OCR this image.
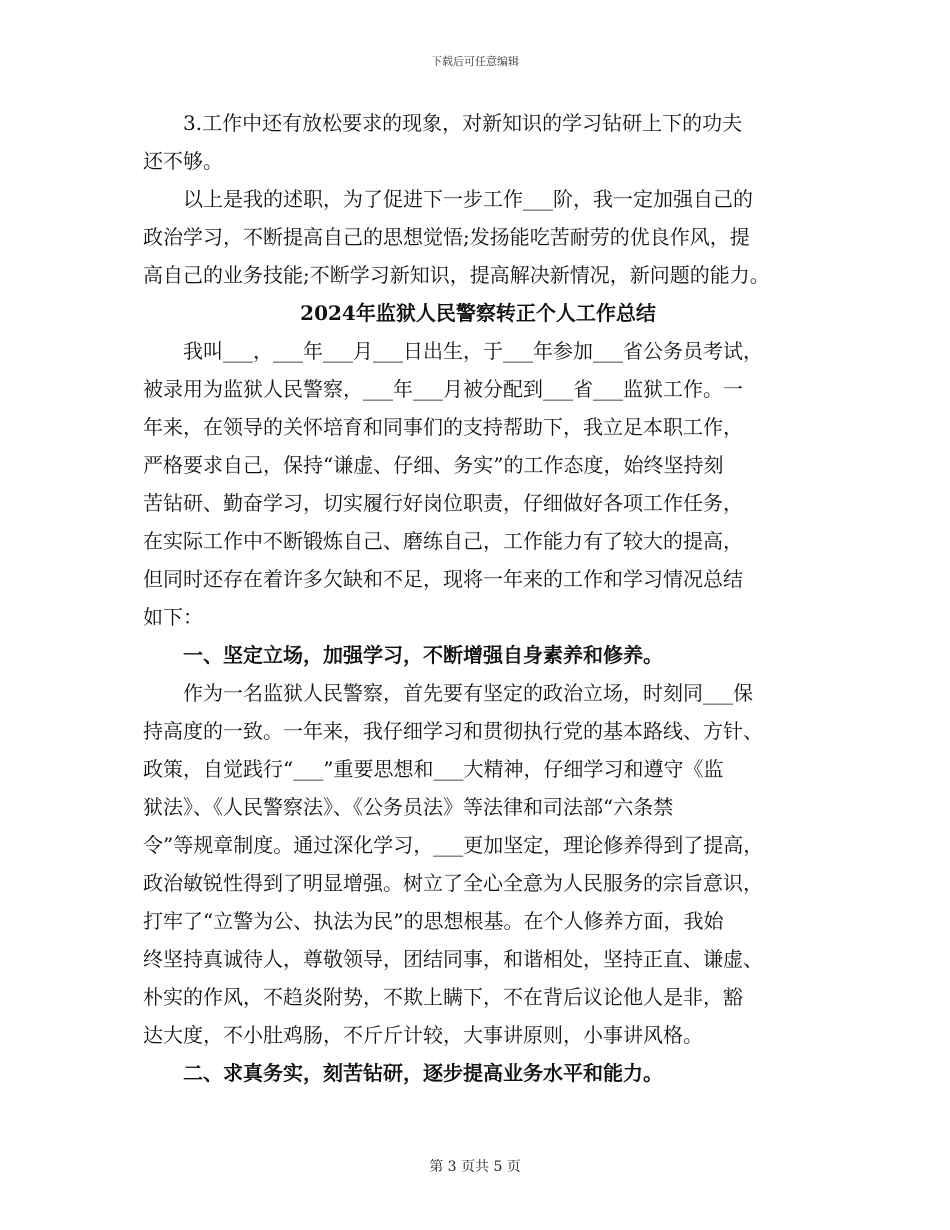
下载后可任意编辑
3.工作中还有放松要求的现象，对新知识的学习钻研上下的功夫
还不够。
以上是我的述职，为了促进下一步工作___阶，我一定加强自己的
政治学习，不断提高自己的思想觉悟;发扬能吃苦耐劳的优良作风，提
高自己的业务技能;不断学习新知识，提高解决新情况，新问题的能力。
2024年监狱人民警察转正个人工作总结
我叫___，___年___月___日出生，于___年参加___省公务员考试，
被录用为监狱人民警察，___年___月被分配到___省___监狱工作。一
年来，在领导的关怀培育和同事们的支持帮助下，我立足本职工作，
严格要求自己，保持“谦虚、仔细、务实”的工作态度，始终坚持刻
苦钻研、勤奋学习，切实履行好岗位职责，仔细做好各项工作任务，
在实际工作中不断锻炼自己、磨练自己，工作能力有了较大的提高，
但同时还存在着许多欠缺和不足，现将一年来的工作和学习情况总结
如下：
一、坚定立场，加强学习，不断增强自身素养和修养。
作为一名监狱人民警察，首先要有坚定的政治立场，时刻同___保
持高度的一致。一年来，我仔细学习和贯彻执行党的基本路线、方针、
政策，自觉践行“___”重要思想和___大精神，仔细学习和遵守《监
狱法》、《人民警察法》、《公务员法》等法律和司法部“六条禁
令”等规章制度。通过深化学习，___更加坚定，理论修养得到了提高，
政治敏锐性得到了明显增强。树立了全心全意为人民服务的宗旨意识，
打牢了“立警为公、执法为民”的思想根基。在个人修养方面，我始
终坚持真诚待人，尊敬领导，团结同事，和谐相处，坚持正直、谦虚、
朴实的作风，不趋炎附势，不欺上瞒下，不在背后议论他人是非，豁
达大度，不小肚鸡肠，不斤斤计较，大事讲原则，小事讲风格。
二、求真务实，刻苦钻研，逐步提高业务水平和能力。
第 3 页共 5 页
